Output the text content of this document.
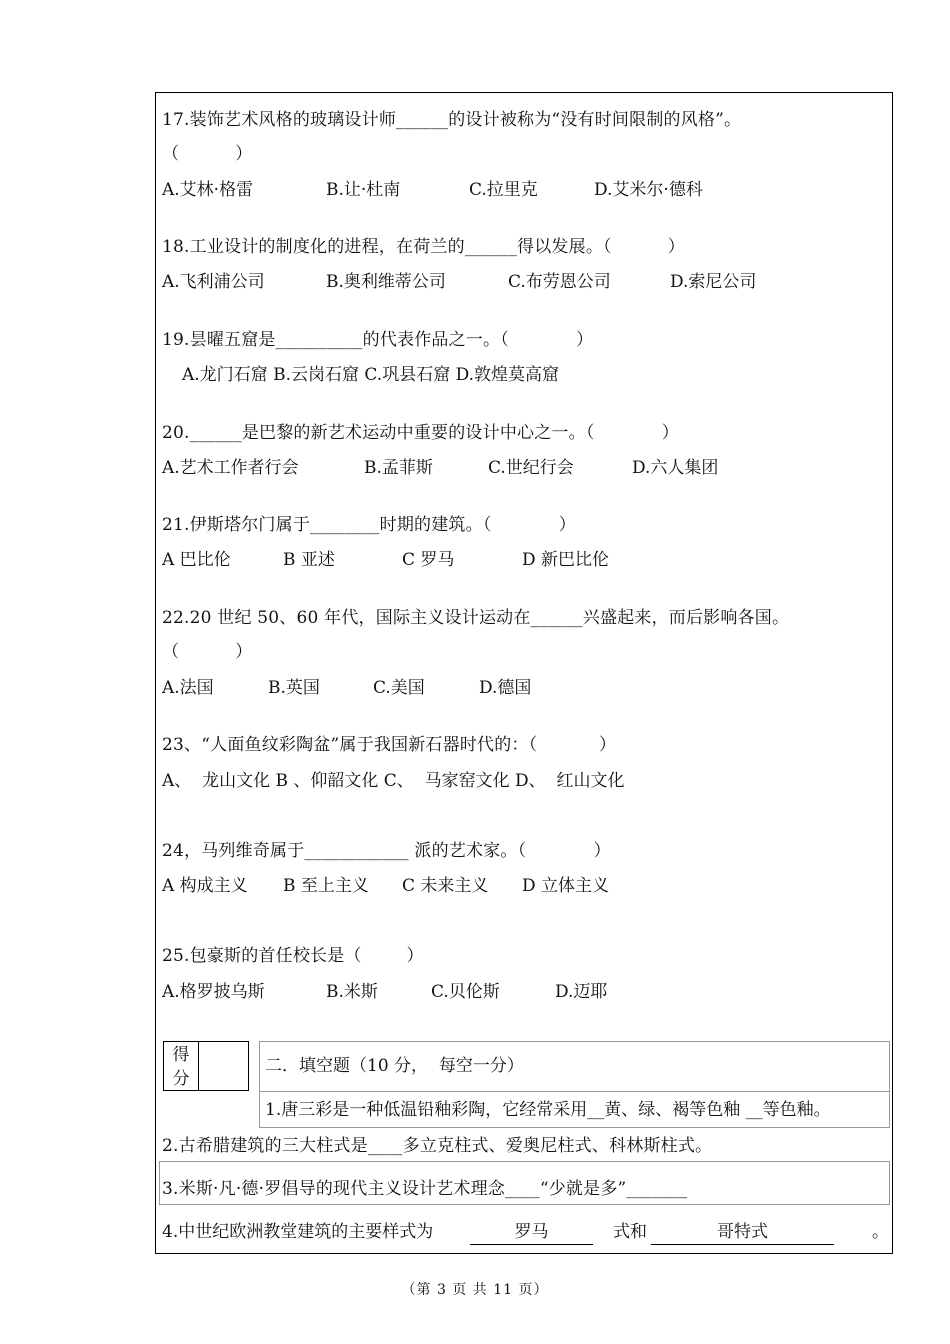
17.装饰艺术风格的玻璃设计师______的设计被称为“没有时间限制的风格”。
（          ）
A.艾林·格雷	B.让·杜南	C.拉里克	D.艾米尔·德科
18.工业设计的制度化的进程，在荷兰的______得以发展。（          ）
A.飞利浦公司	B.奥利维蒂公司	C.布劳恩公司	D.索尼公司
19.昙曜五窟是__________的代表作品之一。（            ）
A.龙门石窟 B.云岗石窟 C.巩县石窟 D.敦煌莫高窟
20.______是巴黎的新艺术运动中重要的设计中心之一。（            ）
A.艺术工作者行会	B.孟菲斯	C.世纪行会	D.六人集团
21.伊斯塔尔门属于________时期的建筑。（            ）
A 巴比伦	B 亚述	C 罗马	D 新巴比伦
22.20 世纪 50、60 年代，国际主义设计运动在______兴盛起来，而后影响各国。
（          ）
A.法国	B.英国	C.美国	D.德国
23、“人面鱼纹彩陶盆”属于我国新石器时代的：（           ）
A、  龙山文化 B 、仰韶文化 C、  马家窑文化 D、  红山文化
24，马列维奇属于____________ 派的艺术家。（            ）
A 构成主义 B 至上主义 C 未来主义 D 立体主义
25.包豪斯的首任校长是（        ）
A.格罗披乌斯	B.米斯	C.贝伦斯	D.迈耶
得
分
二．填空题（10 分，  每空一分）
1.唐三彩是一种低温铅釉彩陶，它经常采用__黄、绿、褐等色釉 __等色釉。
2.古希腊建筑的三大柱式是____多立克柱式、爱奥尼柱式、科林斯柱式。
3.米斯·凡·德·罗倡导的现代主义设计艺术理念____“少就是多”_______
4.中世纪欧洲教堂建筑的主要样式为	罗马	式和	哥特式	。
（第 3 页 共 11 页）
